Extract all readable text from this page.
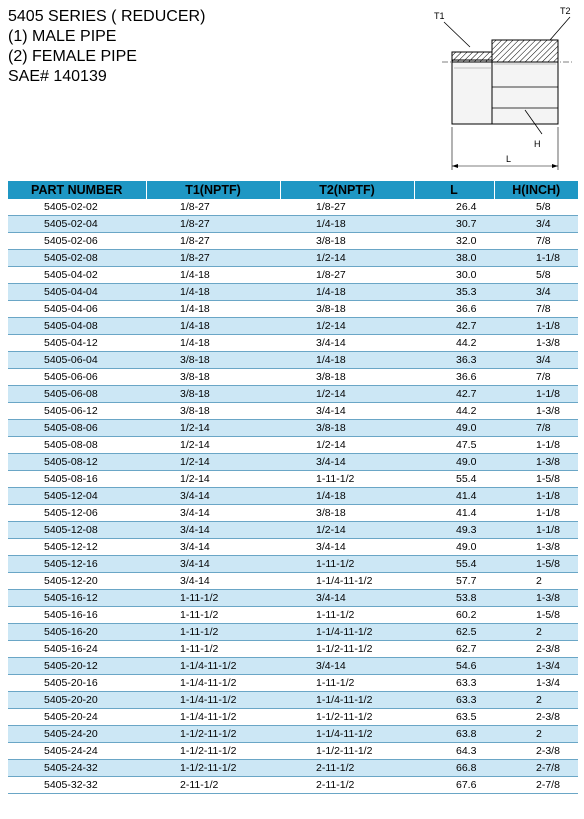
5405 SERIES ( REDUCER)
(1) MALE PIPE
(2) FEMALE PIPE
SAE# 140139
T1	T2
H
L
PART NUMBER	T1(NPTF)	T2(NPTF)	L	H(INCH)
5405-02-02	1/8-27	1/8-27	26.4	5/8
5405-02-04	1/8-27	1/4-18	30.7	3/4
5405-02-06	1/8-27	3/8-18	32.0	7/8
5405-02-08	1/8-27	1/2-14	38.0	1-1/8
5405-04-02	1/4-18	1/8-27	30.0	5/8
5405-04-04	1/4-18	1/4-18	35.3	3/4
5405-04-06	1/4-18	3/8-18	36.6	7/8
5405-04-08	1/4-18	1/2-14	42.7	1-1/8
5405-04-12	1/4-18	3/4-14	44.2	1-3/8
5405-06-04	3/8-18	1/4-18	36.3	3/4
5405-06-06	3/8-18	3/8-18	36.6	7/8
5405-06-08	3/8-18	1/2-14	42.7	1-1/8
5405-06-12	3/8-18	3/4-14	44.2	1-3/8
5405-08-06	1/2-14	3/8-18	49.0	7/8
5405-08-08	1/2-14	1/2-14	47.5	1-1/8
5405-08-12	1/2-14	3/4-14	49.0	1-3/8
5405-08-16	1/2-14	1-11-1/2	55.4	1-5/8
5405-12-04	3/4-14	1/4-18	41.4	1-1/8
5405-12-06	3/4-14	3/8-18	41.4	1-1/8
5405-12-08	3/4-14	1/2-14	49.3	1-1/8
5405-12-12	3/4-14	3/4-14	49.0	1-3/8
5405-12-16	3/4-14	1-11-1/2	55.4	1-5/8
5405-12-20	3/4-14	1-1/4-11-1/2	57.7	2
5405-16-12	1-11-1/2	3/4-14	53.8	1-3/8
5405-16-16	1-11-1/2	1-11-1/2	60.2	1-5/8
5405-16-20	1-11-1/2	1-1/4-11-1/2	62.5	2
5405-16-24	1-11-1/2	1-1/2-11-1/2	62.7	2-3/8
5405-20-12	1-1/4-11-1/2	3/4-14	54.6	1-3/4
5405-20-16	1-1/4-11-1/2	1-11-1/2	63.3	1-3/4
5405-20-20	1-1/4-11-1/2	1-1/4-11-1/2	63.3	2
5405-20-24	1-1/4-11-1/2	1-1/2-11-1/2	63.5	2-3/8
5405-24-20	1-1/2-11-1/2	1-1/4-11-1/2	63.8	2
5405-24-24	1-1/2-11-1/2	1-1/2-11-1/2	64.3	2-3/8
5405-24-32	1-1/2-11-1/2	2-11-1/2	66.8	2-7/8
5405-32-32	2-11-1/2	2-11-1/2	67.6	2-7/8
